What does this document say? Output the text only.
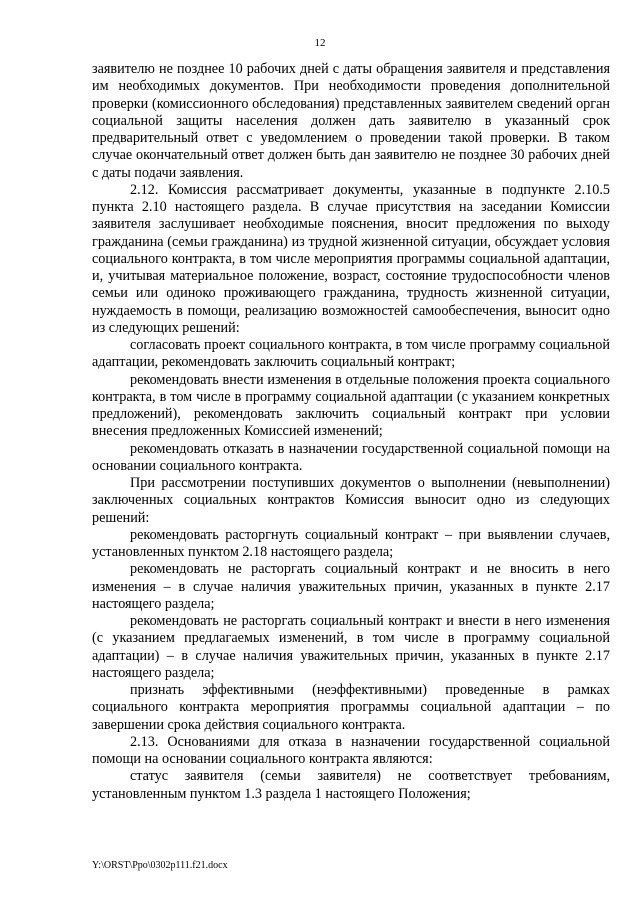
12

заявителю не позднее 10 рабочих дней с даты обращения заявителя и представления им необходимых документов. При необходимости проведения дополнительной проверки (комиссионного обследования) представленных заявителем сведений орган социальной защиты населения должен дать заявителю в указанный срок предварительный ответ с уведомлением о проведении такой проверки. В таком случае окончательный ответ должен быть дан заявителю не позднее 30 рабочих дней с даты подачи заявления.

2.12. Комиссия рассматривает документы, указанные в подпункте 2.10.5 пункта 2.10 настоящего раздела. В случае присутствия на заседании Комиссии заявителя заслушивает необходимые пояснения, вносит предложения по выходу гражданина (семьи гражданина) из трудной жизненной ситуации, обсуждает условия социального контракта, в том числе мероприятия программы социальной адаптации, и, учитывая материальное положение, возраст, состояние трудоспособности членов семьи или одиноко проживающего гражданина, трудность жизненной ситуации, нуждаемость в помощи, реализацию возможностей самообеспечения, выносит одно из следующих решений:

согласовать проект социального контракта, в том числе программу социальной адаптации, рекомендовать заключить социальный контракт;

рекомендовать внести изменения в отдельные положения проекта социального контракта, в том числе в программу социальной адаптации (с указанием конкретных предложений), рекомендовать заключить социальный контракт при условии внесения предложенных Комиссией изменений;

рекомендовать отказать в назначении государственной социальной помощи на основании социального контракта.

При рассмотрении поступивших документов о выполнении (невыполнении) заключенных социальных контрактов Комиссия выносит одно из следующих решений:

рекомендовать расторгнуть социальный контракт – при выявлении случаев, установленных пунктом 2.18 настоящего раздела;

рекомендовать не расторгать социальный контракт и не вносить в него изменения – в случае наличия уважительных причин, указанных в пункте 2.17 настоящего раздела;

рекомендовать не расторгать социальный контракт и внести в него изменения (с указанием предлагаемых изменений, в том числе в программу социальной адаптации) – в случае наличия уважительных причин, указанных в пункте 2.17 настоящего раздела;

признать эффективными (неэффективными) проведенные в рамках социального контракта мероприятия программы социальной адаптации – по завершении срока действия социального контракта.

2.13. Основаниями для отказа в назначении государственной социальной помощи на основании социального контракта являются:

статус заявителя (семьи заявителя) не соответствует требованиям, установленным пунктом 1.3 раздела 1 настоящего Положения;

Y:\ORST\Ppo\0302p111.f21.docx
